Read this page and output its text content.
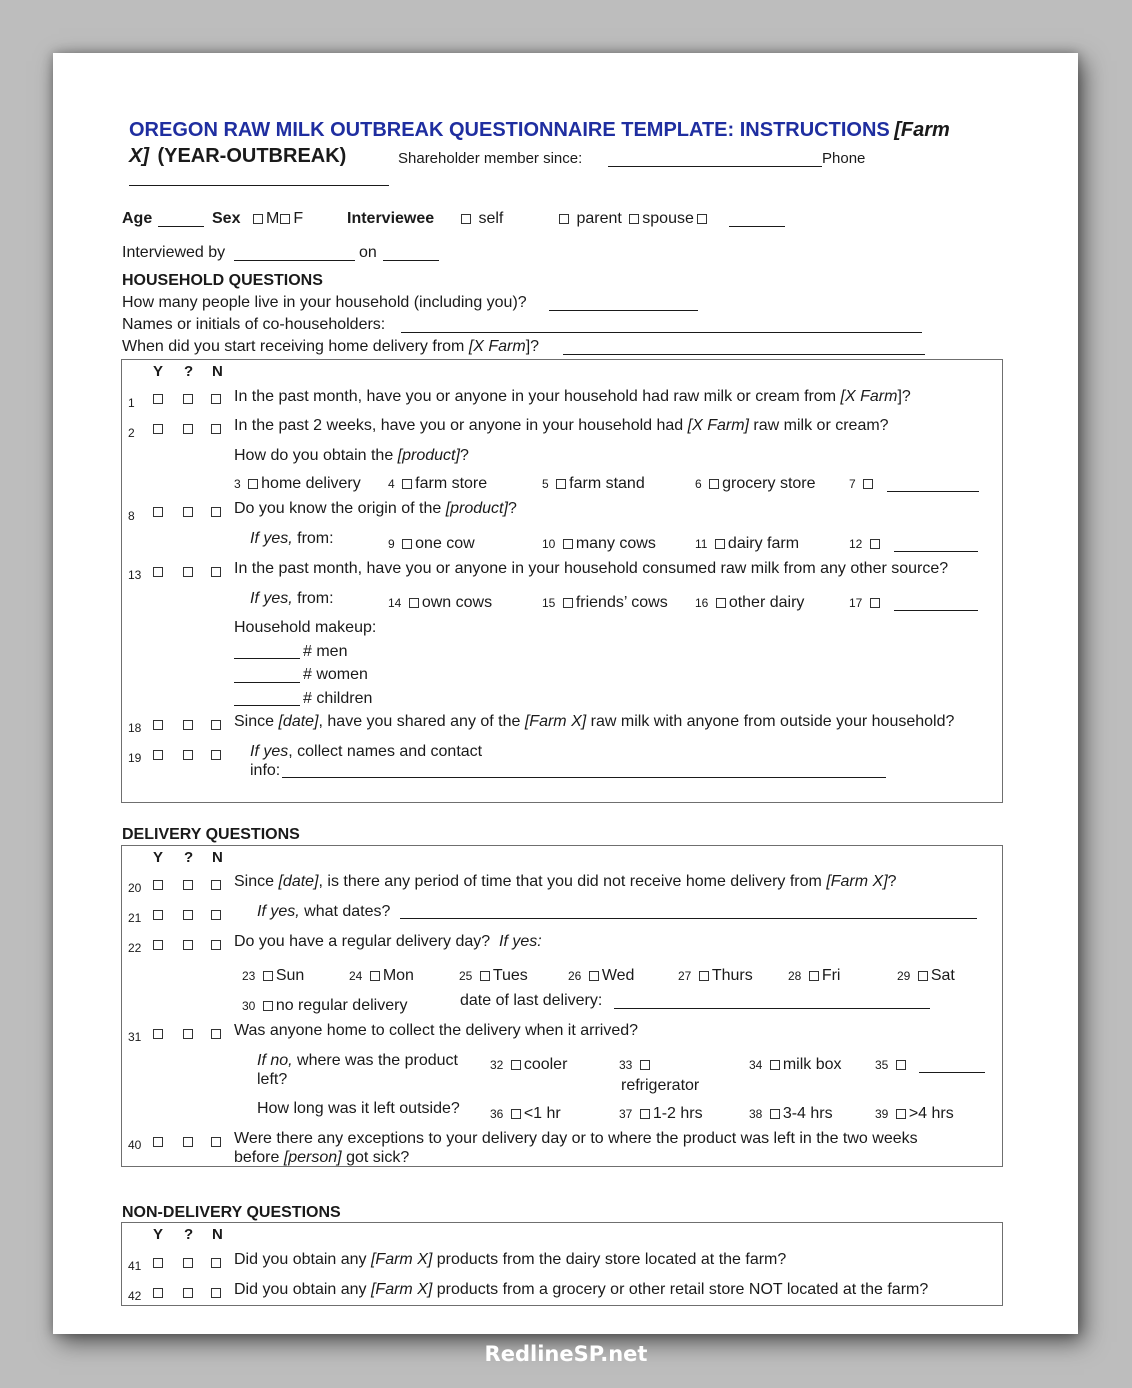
OREGON RAW MILK OUTBREAK QUESTIONNAIRE TEMPLATE: INSTRUCTIONS [Farm
X] (YEAR-OUTBREAK)	Shareholder member since:	Phone
Age	Sex	M F	Interviewee	self	parent spouse
Interviewed by	on
HOUSEHOLD QUESTIONS
How many people live in your household (including you)?
Names or initials of co-householders:
When did you start receiving home delivery from [X Farm]?
Y ? N
1	In the past month, have you or anyone in your household had raw milk or cream from [X Farm]?
2	In the past 2 weeks, have you or anyone in your household had [X Farm] raw milk or cream?
How do you obtain the [product]?
3 home delivery 4 farm store	5 farm stand	6 grocery store	7
8	Do you know the origin of the [product]?
If yes, from:	9 one cow	10 many cows	11 dairy farm	12
13	In the past month, have you or anyone in your household consumed raw milk from any other source?
If yes, from:	14 own cows	15 friends’ cows 16 other dairy	17
Household makeup:
# men
# women
# children
18	Since [date], have you shared any of the [Farm X] raw milk with anyone from outside your household?
19	If yes, collect names and contact
info:
DELIVERY QUESTIONS
Y ? N
20	Since [date], is there any period of time that you did not receive home delivery from [Farm X]?
21	If yes, what dates?
22	Do you have a regular delivery day? If yes:
23 Sun	24 Mon	25 Tues	26 Wed	27 Thurs	28 Fri	29 Sat
30 no regular delivery	date of last delivery:
31	Was anyone home to collect the delivery when it arrived?
If no, where was the product
left?
32 cooler	33
refrigerator
34 milk box	35
How long was it left outside?	36 <1 hr	37 1-2 hrs	38 3-4 hrs	39 >4 hrs
40	Were there any exceptions to your delivery day or to where the product was left in the two weeks
before [person] got sick?
NON-DELIVERY QUESTIONS
Y ? N
41	Did you obtain any [Farm X] products from the dairy store located at the farm?
42	Did you obtain any [Farm X] products from a grocery or other retail store NOT located at the farm?
RedlineSP.net
